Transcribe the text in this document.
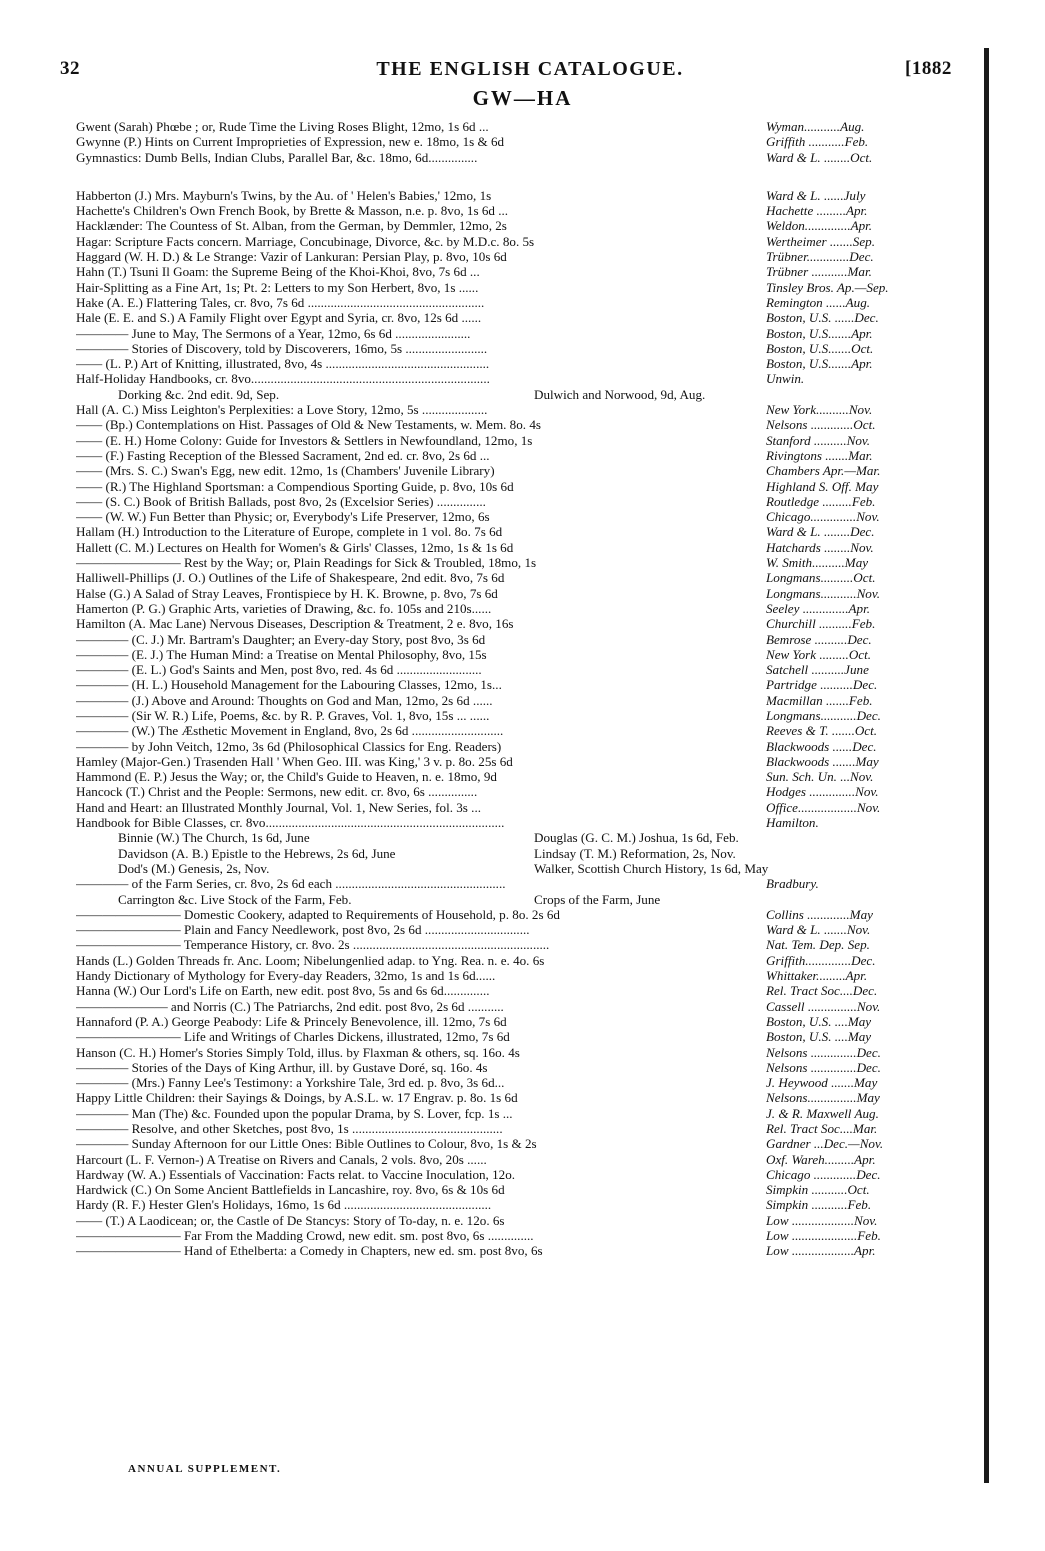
32	THE ENGLISH CATALOGUE.	[1882
GW—HA
Gwent (Sarah) Phœbe ; or, Rude Time the Living Roses Blight, 12mo, 1s 6d ...	Wyman...........Aug.
Gwynne (P.) Hints on Current Improprieties of Expression, new e. 18mo, 1s & 6d	Griffith ...........Feb.
Gymnastics: Dumb Bells, Indian Clubs, Parallel Bar, &c. 18mo, 6d...............	Ward & L. ........Oct.
Habberton (J.) Mrs. Mayburn's Twins, by the Au. of ' Helen's Babies,' 12mo, 1s	Ward & L. ......July
Hachette's Children's Own French Book, by Brette & Masson, n.e. p. 8vo, 1s 6d ...	Hachette .........Apr.
Hacklænder: The Countess of St. Alban, from the German, by Demmler, 12mo, 2s	Weldon..............Apr.
Hagar: Scripture Facts concern. Marriage, Concubinage, Divorce, &c. by M.D.c. 8o. 5s	Wertheimer .......Sep.
Haggard (W. H. D.) & Le Strange: Vazir of Lankuran: Persian Play, p. 8vo, 10s 6d	Trübner.............Dec.
Hahn (T.) Tsuni Il Goam: the Supreme Being of the Khoi-Khoi, 8vo, 7s 6d ...	Trübner ...........Mar.
Hair-Splitting as a Fine Art, 1s; Pt. 2: Letters to my Son Herbert, 8vo, 1s ......	Tinsley Bros. Ap.—Sep.
Hake (A. E.) Flattering Tales, cr. 8vo, 7s 6d ......................................................	Remington ......Aug.
Hale (E. E. and S.) A Family Flight over Egypt and Syria, cr. 8vo, 12s 6d ......	Boston, U.S. ......Dec.
———— June to May, The Sermons of a Year, 12mo, 6s 6d .......................	Boston, U.S.......Apr.
———— Stories of Discovery, told by Discoverers, 16mo, 5s .........................	Boston, U.S.......Oct.
—— (L. P.) Art of Knitting, illustrated, 8vo, 4s ..................................................	Boston, U.S.......Apr.
Half-Holiday Handbooks, cr. 8vo.........................................................................	Unwin.
Dorking &c. 2nd edit. 9d, Sep.	Dulwich and Norwood, 9d, Aug.
Hall (A. C.) Miss Leighton's Perplexities: a Love Story, 12mo, 5s ....................	New York..........Nov.
—— (Bp.) Contemplations on Hist. Passages of Old & New Testaments, w. Mem. 8o. 4s	Nelsons .............Oct.
—— (E. H.) Home Colony: Guide for Investors & Settlers in Newfoundland, 12mo, 1s	Stanford ..........Nov.
—— (F.) Fasting Reception of the Blessed Sacrament, 2nd ed. cr. 8vo, 2s 6d ...	Rivingtons .......Mar.
—— (Mrs. S. C.) Swan's Egg, new edit. 12mo, 1s (Chambers' Juvenile Library)	Chambers Apr.—Mar.
—— (R.) The Highland Sportsman: a Compendious Sporting Guide, p. 8vo, 10s 6d	Highland S. Off. May
—— (S. C.) Book of British Ballads, post 8vo, 2s (Excelsior Series) ...............	Routledge .........Feb.
—— (W. W.) Fun Better than Physic; or, Everybody's Life Preserver, 12mo, 6s	Chicago..............Nov.
Hallam (H.) Introduction to the Literature of Europe, complete in 1 vol. 8o. 7s 6d	Ward & L. ........Dec.
Hallett (C. M.) Lectures on Health for Women's & Girls' Classes, 12mo, 1s & 1s 6d	Hatchards ........Nov.
———————— Rest by the Way; or, Plain Readings for Sick & Troubled, 18mo, 1s	W. Smith..........May
Halliwell-Phillips (J. O.) Outlines of the Life of Shakespeare, 2nd edit. 8vo, 7s 6d	Longmans..........Oct.
Halse (G.) A Salad of Stray Leaves, Frontispiece by H. K. Browne, p. 8vo, 7s 6d	Longmans...........Nov.
Hamerton (P. G.) Graphic Arts, varieties of Drawing, &c. fo. 105s and 210s......	Seeley ..............Apr.
Hamilton (A. Mac Lane) Nervous Diseases, Description & Treatment, 2 e. 8vo, 16s	Churchill ..........Feb.
———— (C. J.) Mr. Bartram's Daughter; an Every-day Story, post 8vo, 3s 6d	Bemrose ..........Dec.
———— (E. J.) The Human Mind: a Treatise on Mental Philosophy, 8vo, 15s	New York .........Oct.
———— (E. L.) God's Saints and Men, post 8vo, red. 4s 6d ..........................	Satchell ..........June
———— (H. L.) Household Management for the Labouring Classes, 12mo, 1s...	Partridge ..........Dec.
———— (J.) Above and Around: Thoughts on God and Man, 12mo, 2s 6d ......	Macmillan .......Feb.
———— (Sir W. R.) Life, Poems, &c. by R. P. Graves, Vol. 1, 8vo, 15s ... ......	Longmans...........Dec.
———— (W.) The Æsthetic Movement in England, 8vo, 2s 6d ............................	Reeves & T. .......Oct.
———— by John Veitch, 12mo, 3s 6d (Philosophical Classics for Eng. Readers)	Blackwoods ......Dec.
Hamley (Major-Gen.) Trasenden Hall ' When Geo. III. was King,' 3 v. p. 8o. 25s 6d	Blackwoods .......May
Hammond (E. P.) Jesus the Way; or, the Child's Guide to Heaven, n. e. 18mo, 9d	Sun. Sch. Un. ...Nov.
Hancock (T.) Christ and the People: Sermons, new edit. cr. 8vo, 6s ...............	Hodges ..............Nov.
Hand and Heart: an Illustrated Monthly Journal, Vol. 1, New Series, fol. 3s ...	Office..................Nov.
Handbook for Bible Classes, cr. 8vo.........................................................................	Hamilton.
Binnie (W.) The Church, 1s 6d, June	Douglas (G. C. M.) Joshua, 1s 6d, Feb.
Davidson (A. B.) Epistle to the Hebrews, 2s 6d, June	Lindsay (T. M.) Reformation, 2s, Nov.
Dod's (M.) Genesis, 2s, Nov.	Walker, Scottish Church History, 1s 6d, May
———— of the Farm Series, cr. 8vo, 2s 6d each ....................................................	Bradbury.
Carrington &c. Live Stock of the Farm, Feb.	Crops of the Farm, June
———————— Domestic Cookery, adapted to Requirements of Household, p. 8o. 2s 6d	Collins .............May
———————— Plain and Fancy Needlework, post 8vo, 2s 6d ................................	Ward & L. .......Nov.
———————— Temperance History, cr. 8vo. 2s ............................................................	Nat. Tem. Dep. Sep.
Hands (L.) Golden Threads fr. Anc. Loom; Nibelungenlied adap. to Yng. Rea. n. e. 4o. 6s	Griffith..............Dec.
Handy Dictionary of Mythology for Every-day Readers, 32mo, 1s and 1s 6d......	Whittaker.........Apr.
Hanna (W.) Our Lord's Life on Earth, new edit. post 8vo, 5s and 6s 6d..............	Rel. Tract Soc....Dec.
——————— and Norris (C.) The Patriarchs, 2nd edit. post 8vo, 2s 6d ...........	Cassell ...............Nov.
Hannaford (P. A.) George Peabody: Life & Princely Benevolence, ill. 12mo, 7s 6d	Boston, U.S. ....May
———————— Life and Writings of Charles Dickens, illustrated, 12mo, 7s 6d	Boston, U.S. ....May
Hanson (C. H.) Homer's Stories Simply Told, illus. by Flaxman & others, sq. 16o. 4s	Nelsons ..............Dec.
———— Stories of the Days of King Arthur, ill. by Gustave Doré, sq. 16o. 4s	Nelsons ..............Dec.
———— (Mrs.) Fanny Lee's Testimony: a Yorkshire Tale, 3rd ed. p. 8vo, 3s 6d...	J. Heywood .......May
Happy Little Children: their Sayings & Doings, by A.S.L. w. 17 Engrav. p. 8o. 1s 6d	Nelsons...............May
———— Man (The) &c. Founded upon the popular Drama, by S. Lover, fcp. 1s ...	J. & R. Maxwell Aug.
———— Resolve, and other Sketches, post 8vo, 1s ..............................................	Rel. Tract Soc....Mar.
———— Sunday Afternoon for our Little Ones: Bible Outlines to Colour, 8vo, 1s & 2s	Gardner ...Dec.—Nov.
Harcourt (L. F. Vernon-) A Treatise on Rivers and Canals, 2 vols. 8vo, 20s ......	Oxf. Wareh.........Apr.
Hardway (W. A.) Essentials of Vaccination: Facts relat. to Vaccine Inoculation, 12o.	Chicago .............Dec.
Hardwick (C.) On Some Ancient Battlefields in Lancashire, roy. 8vo, 6s & 10s 6d	Simpkin ...........Oct.
Hardy (R. F.) Hester Glen's Holidays, 16mo, 1s 6d .............................................	Simpkin ...........Feb.
—— (T.) A Laodicean; or, the Castle of De Stancys: Story of To-day, n. e. 12o. 6s	Low ...................Nov.
———————— Far From the Madding Crowd, new edit. sm. post 8vo, 6s ..............	Low ....................Feb.
———————— Hand of Ethelberta: a Comedy in Chapters, new ed. sm. post 8vo, 6s	Low ...................Apr.
ANNUAL SUPPLEMENT.
